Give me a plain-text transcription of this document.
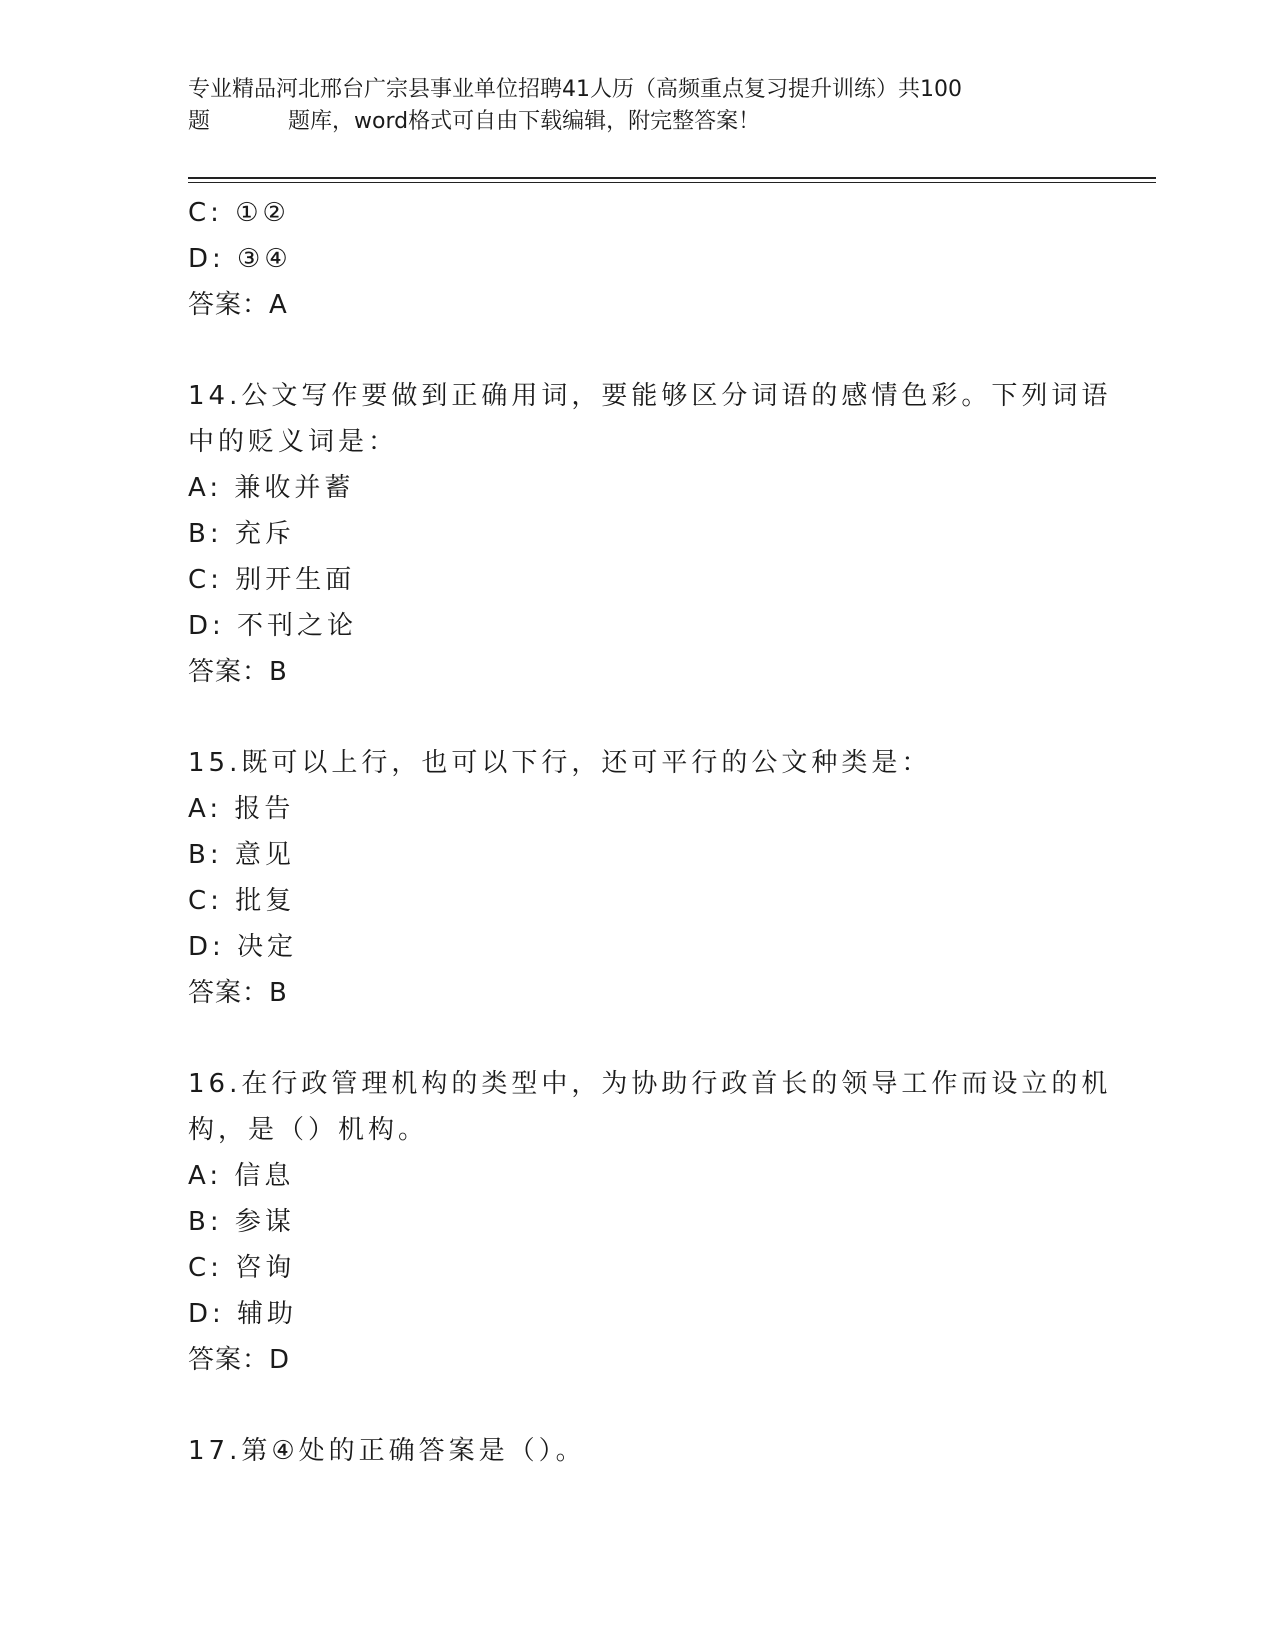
专业精品河北邢台广宗县事业单位招聘41人历（高频重点复习提升训练）共100
题	题库，word格式可自由下载编辑，附完整答案！
C: ①②
D: ③④
答案：A
14.公文写作要做到正确用词，要能够区分词语的感情色彩。下列词语
中的贬义词是：
A: 兼收并蓄
B: 充斥
C: 别开生面
D: 不刊之论
答案：B
15.既可以上行，也可以下行，还可平行的公文种类是：
A: 报告
B: 意见
C: 批复
D: 决定
答案：B
16.在行政管理机构的类型中，为协助行政首长的领导工作而设立的机
构，是（）机构。
A: 信息
B: 参谋
C: 咨询
D: 辅助
答案：D
17.第④处的正确答案是（）。
